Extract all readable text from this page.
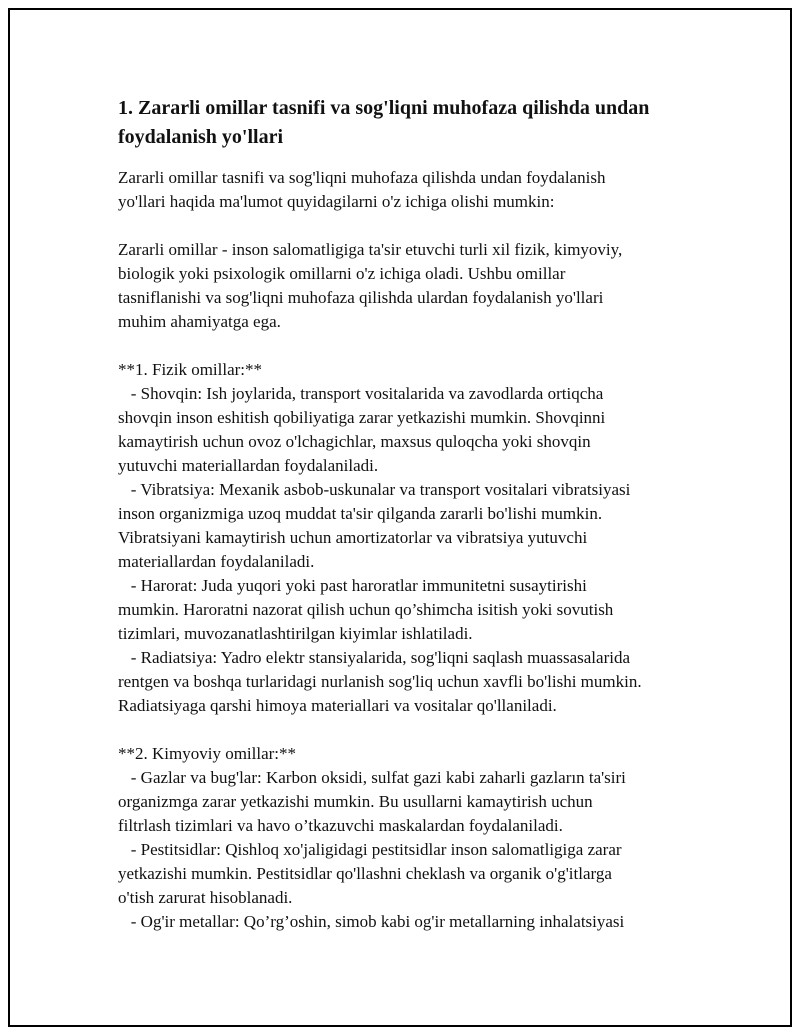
1. Zararli omillar tasnifi va sog'liqni muhofaza qilishda undan
foydalanish yo'llari
Zararli omillar tasnifi va sog'liqni muhofaza qilishda undan foydalanish
yo'llari haqida ma'lumot quyidagilarni o'z ichiga olishi mumkin:
Zararli omillar - inson salomatligiga ta'sir etuvchi turli xil fizik, kimyoviy,
biologik yoki psixologik omillarni o'z ichiga oladi. Ushbu omillar
tasniflanishi va sog'liqni muhofaza qilishda ulardan foydalanish yo'llari
muhim ahamiyatga ega.
**1. Fizik omillar:**
- Shovqin: Ish joylarida, transport vositalarida va zavodlarda ortiqcha
shovqin inson eshitish qobiliyatiga zarar yetkazishi mumkin. Shovqinni
kamaytirish uchun ovoz o'lchagichlar, maxsus quloqcha yoki shovqin
yutuvchi materiallardan foydalaniladi.
- Vibratsiya: Mexanik asbob-uskunalar va transport vositalari vibratsiyasi
inson organizmiga uzoq muddat ta'sir qilganda zararli bo'lishi mumkin.
Vibratsiyani kamaytirish uchun amortizatorlar va vibratsiya yutuvchi
materiallardan foydalaniladi.
- Harorat: Juda yuqori yoki past haroratlar immunitetni susaytirishi
mumkin. Haroratni nazorat qilish uchun qo’shimcha isitish yoki sovutish
tizimlari, muvozanatlashtirilgan kiyimlar ishlatiladi.
- Radiatsiya: Yadro elektr stansiyalarida, sog'liqni saqlash muassasalarida
rentgen va boshqa turlaridagi nurlanish sog'liq uchun xavfli bo'lishi mumkin.
Radiatsiyaga qarshi himoya materiallari va vositalar qo'llaniladi.
**2. Kimyoviy omillar:**
- Gazlar va bug'lar: Karbon oksidi, sulfat gazi kabi zaharli gazların ta'siri
organizmga zarar yetkazishi mumkin. Bu usullarni kamaytirish uchun
filtrlash tizimlari va havo o’tkazuvchi maskalardan foydalaniladi.
- Pestitsidlar: Qishloq xo'jaligidagi pestitsidlar inson salomatligiga zarar
yetkazishi mumkin. Pestitsidlar qo'llashni cheklash va organik o'g'itlarga
o'tish zarurat hisoblanadi.
- Og'ir metallar: Qo’rg’oshin, simob kabi og'ir metallarning inhalatsiyasi
